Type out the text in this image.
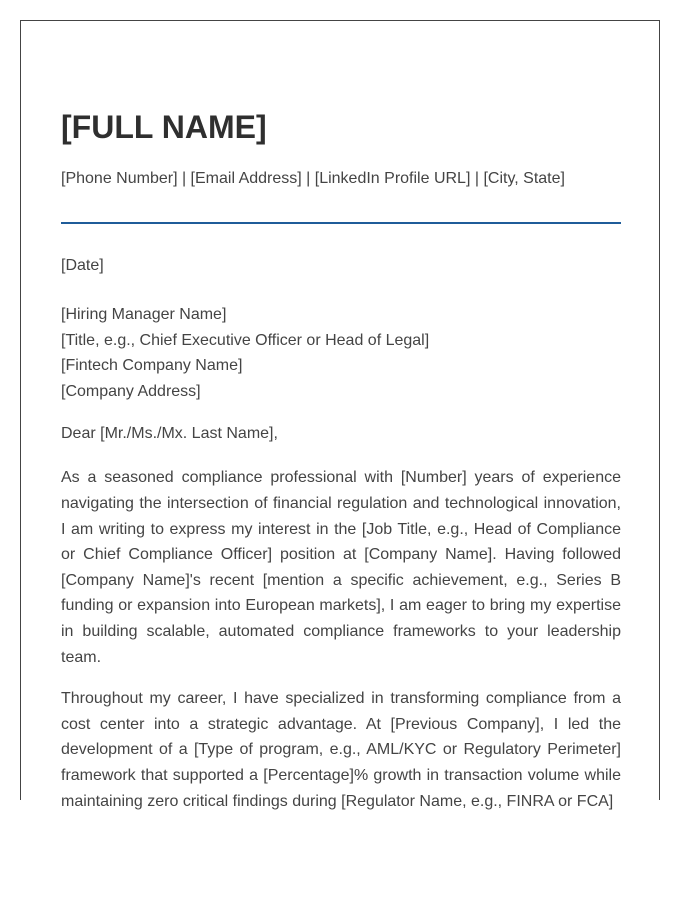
[FULL NAME]
[Phone Number] | [Email Address] | [LinkedIn Profile URL] | [City, State]
[Date]
[Hiring Manager Name]
[Title, e.g., Chief Executive Officer or Head of Legal]
[Fintech Company Name]
[Company Address]
Dear [Mr./Ms./Mx. Last Name],
As a seasoned compliance professional with [Number] years of experience navigating the intersection of financial regulation and technological innovation, I am writing to express my interest in the [Job Title, e.g., Head of Compliance or Chief Compliance Officer] position at [Company Name]. Having followed [Company Name]'s recent [mention a specific achievement, e.g., Series B funding or expansion into European markets], I am eager to bring my expertise in building scalable, automated compliance frameworks to your leadership team.
Throughout my career, I have specialized in transforming compliance from a cost center into a strategic advantage. At [Previous Company], I led the development of a [Type of program, e.g., AML/KYC or Regulatory Perimeter] framework that supported a [Percentage]% growth in transaction volume while maintaining zero critical findings during [Regulator Name, e.g., FINRA or FCA]
